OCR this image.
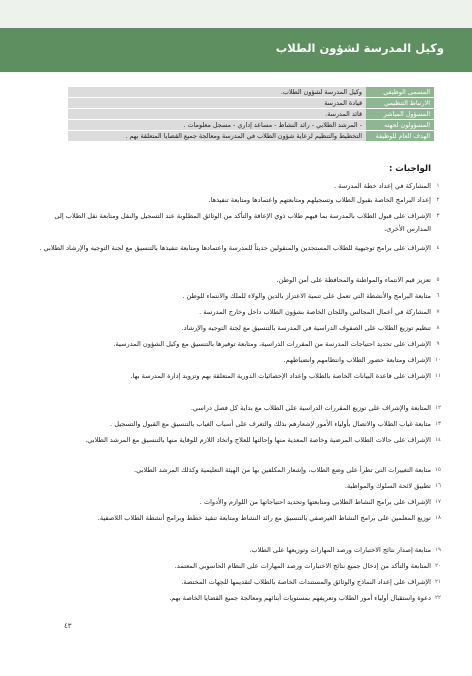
وكيل المدرسة لشؤون الطلاب
المسمى الوظيفي	وكيل المدرسة لشؤون الطلاب.
الارتباط التنظيمي	قيادة المدرسة
المسؤول المباشر	قائد المدرسة.
المسؤولون لجهته	- المرشد الطلابي - رائد النشاط - مساعد إداري - مسجل معلومات .
الهدف العام للوظيفة	التخطيط والتنظيم لرعاية شؤون الطلاب في المدرسة ومعالجة جميع القضايا المتعلقة بهم .
الواجبات :
١
المشاركة في إعداد خطة المدرسة .
٢
إعداد البرامج الخاصة بقبول الطلاب وتسجيلهم ومتابعتهم واعتمادها ومتابعة تنفيذها.
٣
الإشراف على قبول الطلاب بالمدرسة بما فيهم طلاب ذوي الإعاقة والتأكد من الوثائق المطلوبة عند التسجيل والنقل ومتابعة نقل الطلاب إلى المدارس الأخرى.
٤
الإشراف على برامج توجيهية للطلاب المستجدين والمنقولين حديثاً للمدرسة واعتمادها ومتابعة تنفيذها بالتنسيق مع لجنة التوجيه والإرشاد الطلابي .
٥
تعزيز قيم الانتماء والمواطنة والمحافظة على أمن الوطن.
٦
متابعة البرامج والأنشطة التي تعمل على تنمية الاعتزاز بالدين والولاء للملك والانتماء للوطن .
٧
المشاركة في أعمال المجالس واللجان الخاصة بشؤون الطلاب داخل وخارج المدرسة .
٨
تنظيم توزيع الطلاب على الصفوف الدراسية في المدرسة بالتنسيق مع لجنة التوجيه والإرشاد.
٩
الإشراف على تحديد احتياجات المدرسة من المقررات الدراسية، ومتابعة توفيرها بالتنسيق مع وكيل الشؤون المدرسية.
١٠
الإشراف ومتابعة حضور الطلاب وانتظامهم وانضباطهم.
١١
الإشراف على قاعدة البيانات الخاصة بالطلاب وإعداد الإحصائيات الدورية المتعلقة بهم وتزويد إدارة المدرسة بها.
١٢
المتابعة والإشراف على توزيع المقررات الدراسية على الطلاب مع بداية كل فصل دراسي.
١٣
متابعة غياب الطلاب والاتصال بأولياء الأمور لإشعارهم بذلك والتعرف على أسباب الغياب بالتنسيق مع القبول والتسجيل .
١٤
الإشراف على حالات الطلاب المرضية وخاصة المعدية منها وإحالتها للعلاج واتخاذ اللازم للوقاية منها بالتنسيق مع المرشد الطلابي.
١٥
متابعة التغييرات التي تطرأ على وضع الطلاب، وإشعار المكلفين بها من الهيئة التعليمية وكذلك المرشد الطلابي.
١٦
تطبيق لائحة السلوك والمواظبة.
١٧
الإشراف على برامج النشاط الطلابي ومتابعتها وتحديد احتياجاتها من اللوازم والأدوات .
١٨
توزيع المعلمين على برامج النشاط الغيرصفي بالتنسيق مع رائد النشاط ومتابعة تنفيذ خطط وبرامج أنشطة الطلاب اللاصفية.
١٩
متابعة إصدار نتائج الاختبارات ورصد المهارات وتوزيعها على الطلاب.
٢٠
المتابعة والتأكد من إدخال جميع نتائج الاختبارات ورصد المهارات على النظام الحاسوبي المعتمد.
٢١
الإشراف على إعداد النماذج والوثائق والمستندات الخاصة بالطلاب لتقديمها للجهات المختصة.
٢٢
دعوة واستقبال أولياء أمور الطلاب وتعريفهم بمستويات أبنائهم ومعالجة جميع القضايا الخاصة بهم.
٤٣
